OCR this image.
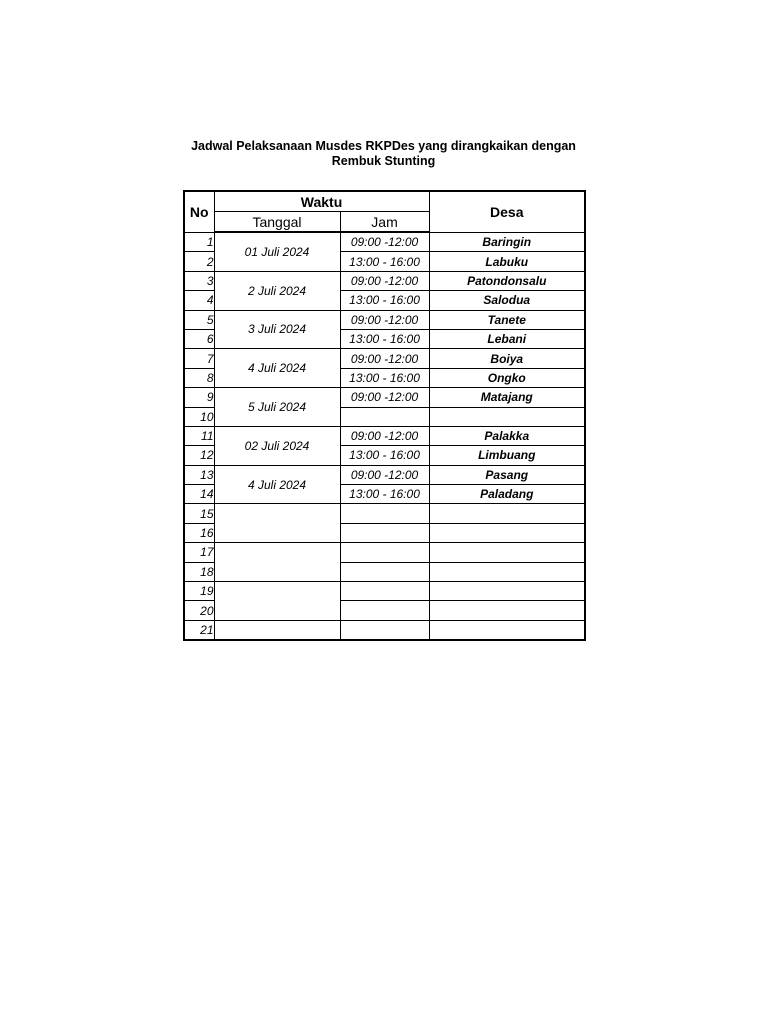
Jadwal Pelaksanaan Musdes RKPDes yang dirangkaikan dengan
Rembuk Stunting
No	Waktu		Desa
	Tanggal	Jam	
1	01 Juli 2024	09:00 -12:00	Baringin
2		13:00 - 16:00	Labuku
3	2 Juli 2024	09:00 -12:00	Patondonsalu
4		13:00 - 16:00	Salodua
5	3 Juli 2024	09:00 -12:00	Tanete
6		13:00 - 16:00	Lebani
7	4 Juli 2024	09:00 -12:00	Boiya
8		13:00 - 16:00	Ongko
9	5 Juli 2024	09:00 -12:00	Matajang
10			
11	02 Juli 2024	09:00 -12:00	Palakka
12		13:00 - 16:00	Limbuang
13	4 Juli 2024	09:00 -12:00	Pasang
14		13:00 - 16:00	Paladang
15			
16			
17			
18			
19			
20			
21			
